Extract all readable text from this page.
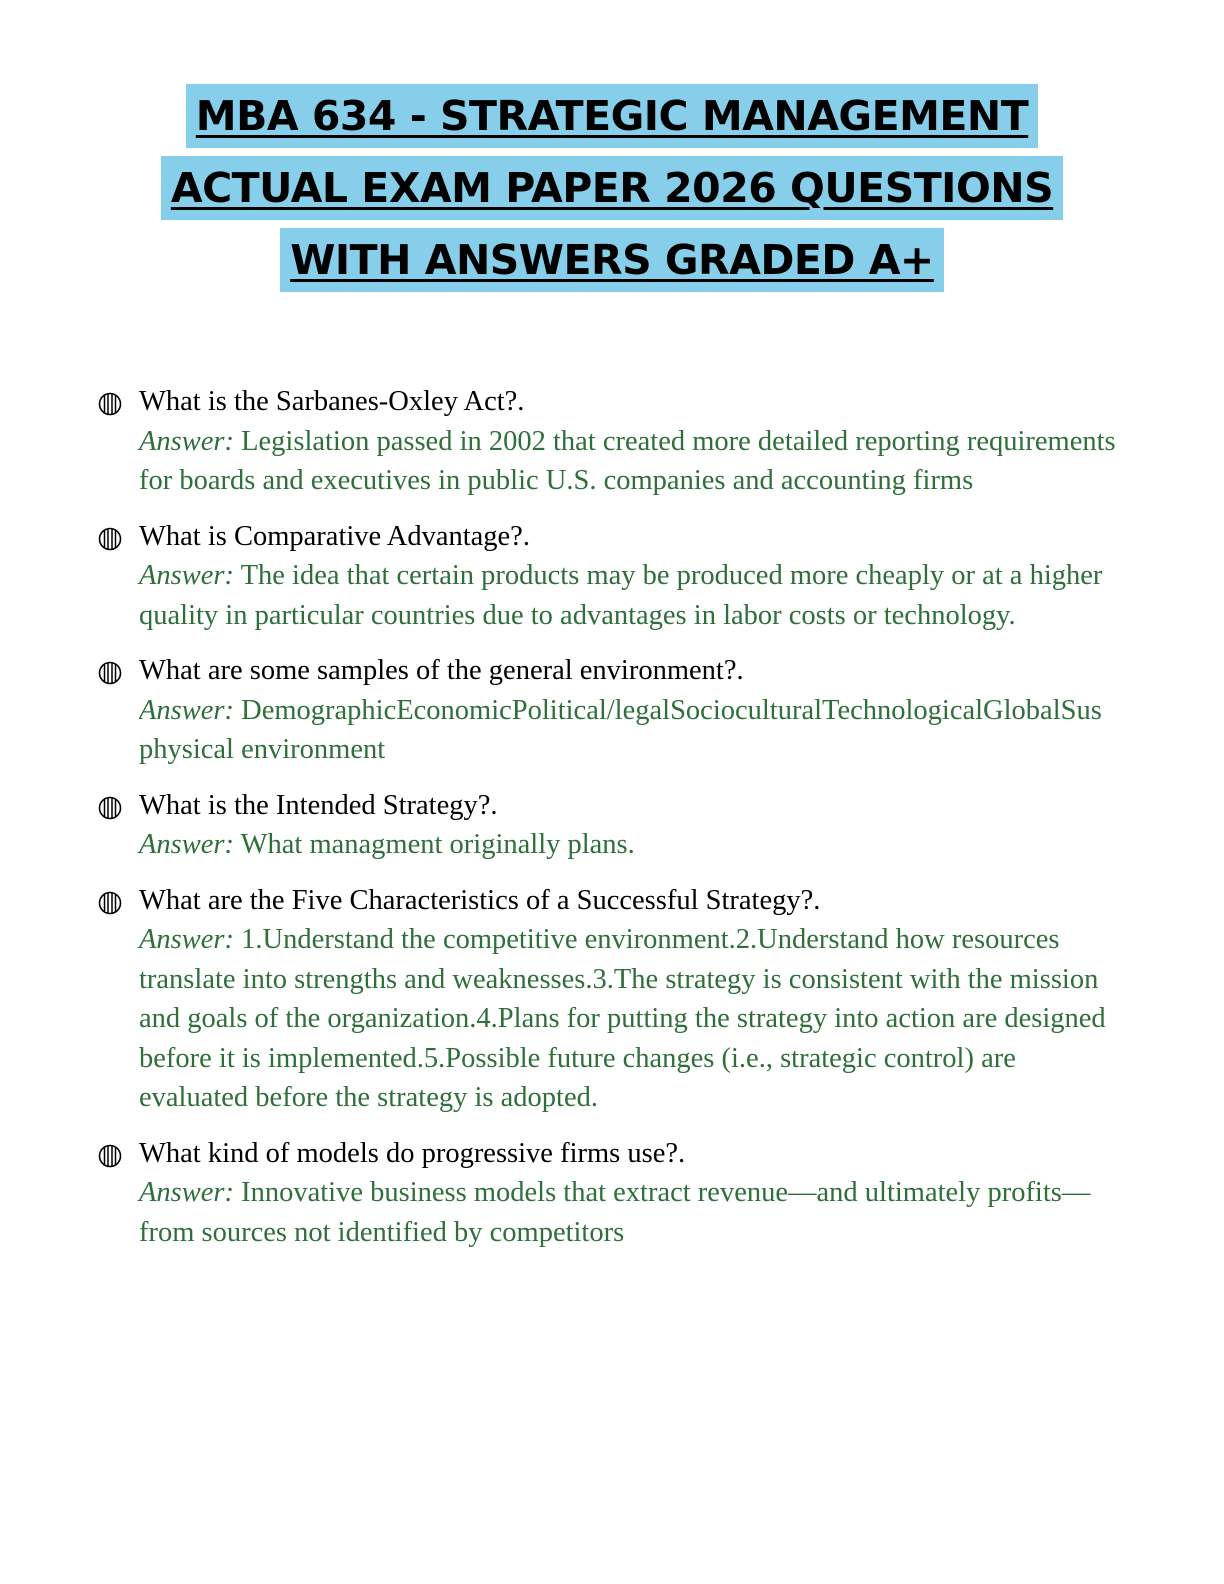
MBA 634 - STRATEGIC MANAGEMENT
ACTUAL EXAM PAPER 2026 QUESTIONS
WITH ANSWERS GRADED A+
What is the Sarbanes-Oxley Act?.
Answer: Legislation passed in 2002 that created more detailed reporting requirements for boards and executives in public U.S. companies and accounting firms
What is Comparative Advantage?.
Answer: The idea that certain products may be produced more cheaply or at a higher quality in particular countries due to advantages in labor costs or technology.
What are some samples of the general environment?.
Answer: DemographicEconomicPolitical/legalSocioculturalTechnologicalGlobalSus
physical environment
What is the Intended Strategy?.
Answer: What managment originally plans.
What are the Five Characteristics of a Successful Strategy?.
Answer: 1.Understand the competitive environment.2.Understand how resources translate into strengths and weaknesses.3.The strategy is consistent with the mission and goals of the organization.4.Plans for putting the strategy into action are designed before it is implemented.5.Possible future changes (i.e., strategic control) are evaluated before the strategy is adopted.
What kind of models do progressive firms use?.
Answer: Innovative business models that extract revenue—and ultimately profits—from sources not identified by competitors
